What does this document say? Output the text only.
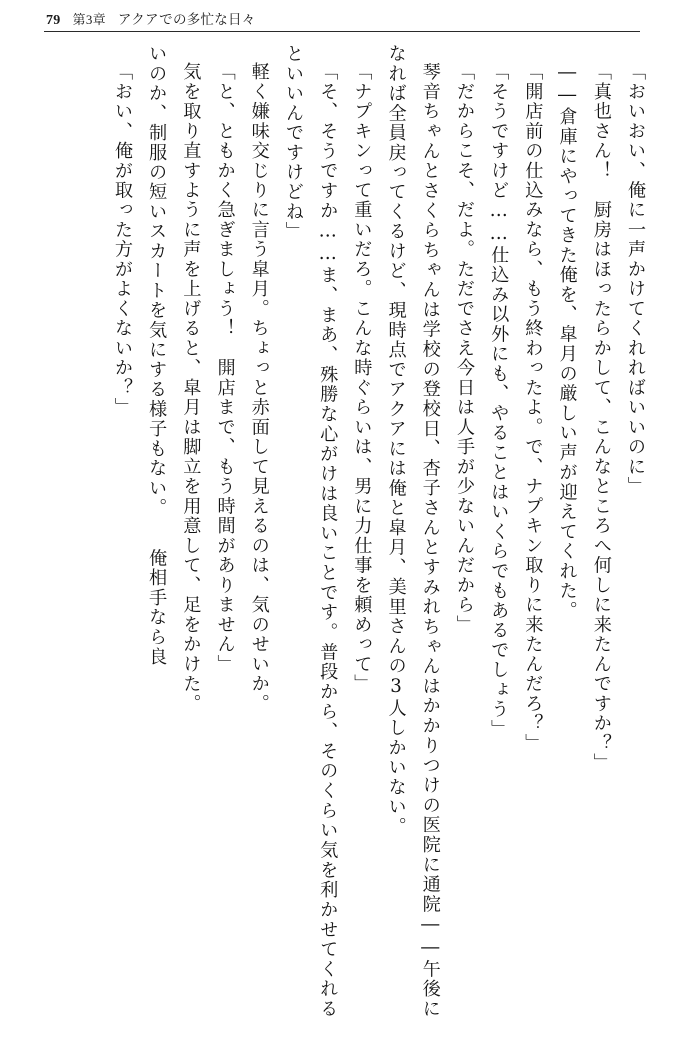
79 第3章 アクアでの多忙な日々

「おいおい、俺に一声かけてくれればいいのに」

「真也さん！　厨房はほったらかして、こんなところへ何しに来たんですか？」

――倉庫にやってきた俺を、皐月の厳しい声が迎えてくれた。

「開店前の仕込みなら、もう終わったよ。で、ナプキン取りに来たんだろ？」

「そうですけど……仕込み以外にも、やることはいくらでもあるでしょう」

「だからこそ、だよ。ただでさえ今日は人手が少ないんだから」

琴音ちゃんとさくらちゃんは学校の登校日、杏子さんとすみれちゃんはかかりつけの医院に通院――午後になれば全員戻ってくるけど、現時点でアクアには俺と皐月、美里さんの3人しかいない。

「ナプキンって重いだろ。こんな時ぐらいは、男に力仕事を頼めって」

「そ、そうですか……ま、まあ、殊勝な心がけは良いことです。普段から、そのくらい気を利かせてくれるといいんですけどね」

軽く嫌味交じりに言う皐月。ちょっと赤面して見えるのは、気のせいか。

「と、ともかく急ぎましょう！　開店まで、もう時間がありません」

気を取り直すように声を上げると、皐月は脚立を用意して、足をかけた。

いのか、制服の短いスカートを気にする様子もない。　　俺相手なら良

「おい、俺が取った方がよくないか？」
